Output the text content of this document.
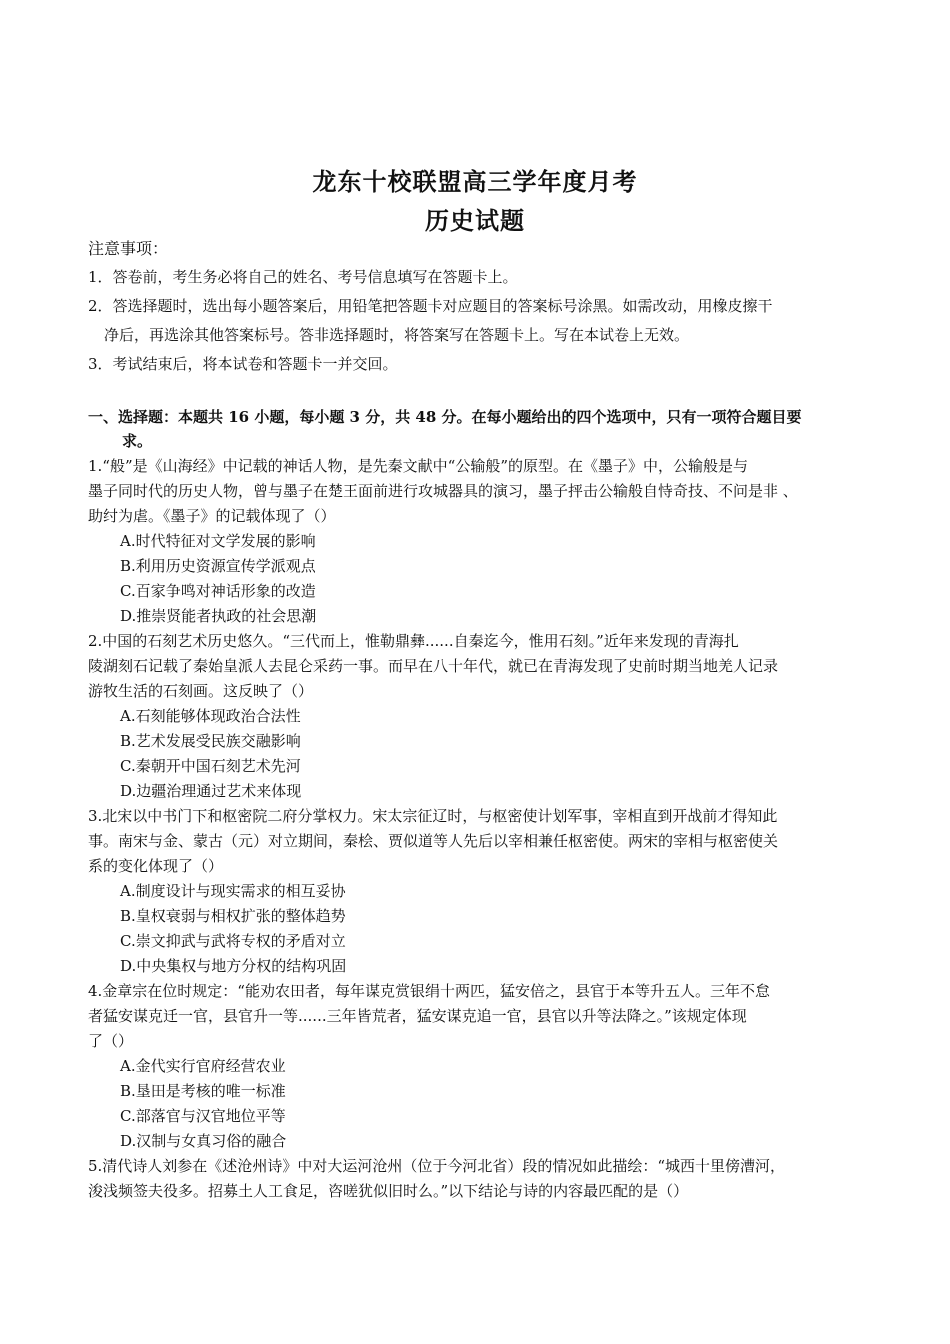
龙东十校联盟高三学年度月考
历史试题
注意事项：
1．答卷前，考生务必将自己的姓名、考号信息填写在答题卡上。
2．答选择题时，选出每小题答案后，用铅笔把答题卡对应题目的答案标号涂黑。如需改动，用橡皮擦干
净后，再选涂其他答案标号。答非选择题时，将答案写在答题卡上。写在本试卷上无效。
3．考试结束后，将本试卷和答题卡一并交回。
一、选择题：本题共 16 小题，每小题 3 分，共 48 分。在每小题给出的四个选项中，只有一项符合题目要
求。
1.“般”是《山海经》中记载的神话人物，是先秦文献中“公输般”的原型。在《墨子》中，公输般是与
墨子同时代的历史人物，曾与墨子在楚王面前进行攻城器具的演习，墨子抨击公输般自恃奇技、不问是非 、
助纣为虐。《墨子》的记载体现了（）
A.时代特征对文学发展的影响
B.利用历史资源宣传学派观点
C.百家争鸣对神话形象的改造
D.推崇贤能者执政的社会思潮
2.中国的石刻艺术历史悠久。“三代而上，惟勒鼎彝......自秦迄今，惟用石刻。”近年来发现的青海扎
陵湖刻石记载了秦始皇派人去昆仑采药一事。而早在八十年代，就已在青海发现了史前时期当地羌人记录
游牧生活的石刻画。这反映了（）
A.石刻能够体现政治合法性
B.艺术发展受民族交融影响
C.秦朝开中国石刻艺术先河
D.边疆治理通过艺术来体现
3.北宋以中书门下和枢密院二府分掌权力。宋太宗征辽时，与枢密使计划军事，宰相直到开战前才得知此
事。南宋与金、蒙古（元）对立期间，秦桧、贾似道等人先后以宰相兼任枢密使。两宋的宰相与枢密使关
系的变化体现了（）
A.制度设计与现实需求的相互妥协
B.皇权衰弱与相权扩张的整体趋势
C.崇文抑武与武将专权的矛盾对立
D.中央集权与地方分权的结构巩固
4.金章宗在位时规定：“能劝农田者，每年谋克赏银绢十两匹，猛安倍之，县官于本等升五人。三年不怠
者猛安谋克迁一官，县官升一等......三年皆荒者，猛安谋克追一官，县官以升等法降之。”该规定体现
了（）
A.金代实行官府经营农业
B.垦田是考核的唯一标准
C.部落官与汉官地位平等
D.汉制与女真习俗的融合
5.清代诗人刘参在《述沧州诗》中对大运河沧州（位于今河北省）段的情况如此描绘：“城西十里傍漕河，
浚浅频签夫役多。招募土人工食足，咨嗟犹似旧时么。”以下结论与诗的内容最匹配的是（）
